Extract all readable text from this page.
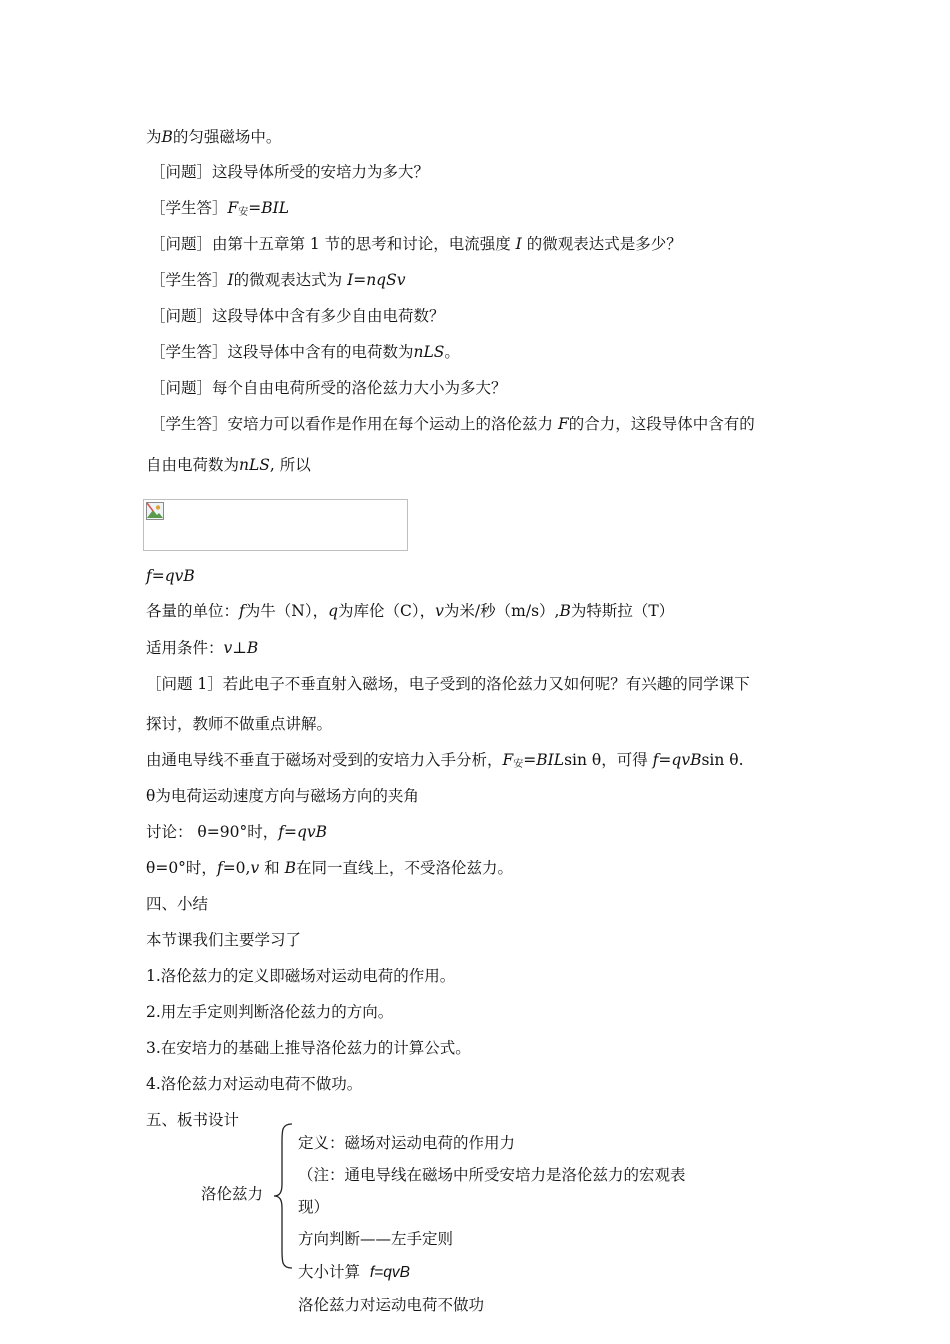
为B的匀强磁场中。
［问题］这段导体所受的安培力为多大？
［学生答$]F_安=BIL$
［问题］由第十五章第 1 节的思考和讨论，电流强度 I 的微观表达式是多少？
［学生答］I的微观表达式为 I=nqSv
［问题］这段导体中含有多少自由电荷数？
［学生答］这段导体中含有的电荷数为nLS。
［问题］每个自由电荷所受的洛伦兹力大小为多大？
［学生答］安培力可以看作是作用在每个运动上的洛伦兹力 F的合力，这段导体中含有的
自由电荷数为nLS, 所以
f=qvB
各量的单位：f为牛（N），q为库伦（C），v为米/秒（m/s）,B为特斯拉（T）
适用条件：v⊥B
［问题 1］若此电子不垂直射入磁场，电子受到的洛伦兹力又如何呢？有兴趣的同学课下
探讨，教师不做重点讲解。
由通电导线不垂直于磁场对受到的安培力入手分析，$F_安=BILsin$ θ，可得 f=qvBsin θ.
θ为电荷运动速度方向与磁场方向的夹角
讨论： θ=90°时，f=qvB
θ=0°时，f=0,v 和 B在同一直线上，不受洛伦兹力。
四、小结
本节课我们主要学习了
1.洛伦兹力的定义即磁场对运动电荷的作用。
2.用左手定则判断洛伦兹力的方向。
3.在安培力的基础上推导洛伦兹力的计算公式。
4.洛伦兹力对运动电荷不做功。
五、板书设计
洛伦兹力
定义：磁场对运动电荷的作用力
（注：通电导线在磁场中所受安培力是洛伦兹力的宏观表
现）
方向判断——左手定则
大小计算 f=qvB
洛伦兹力对运动电荷不做功
